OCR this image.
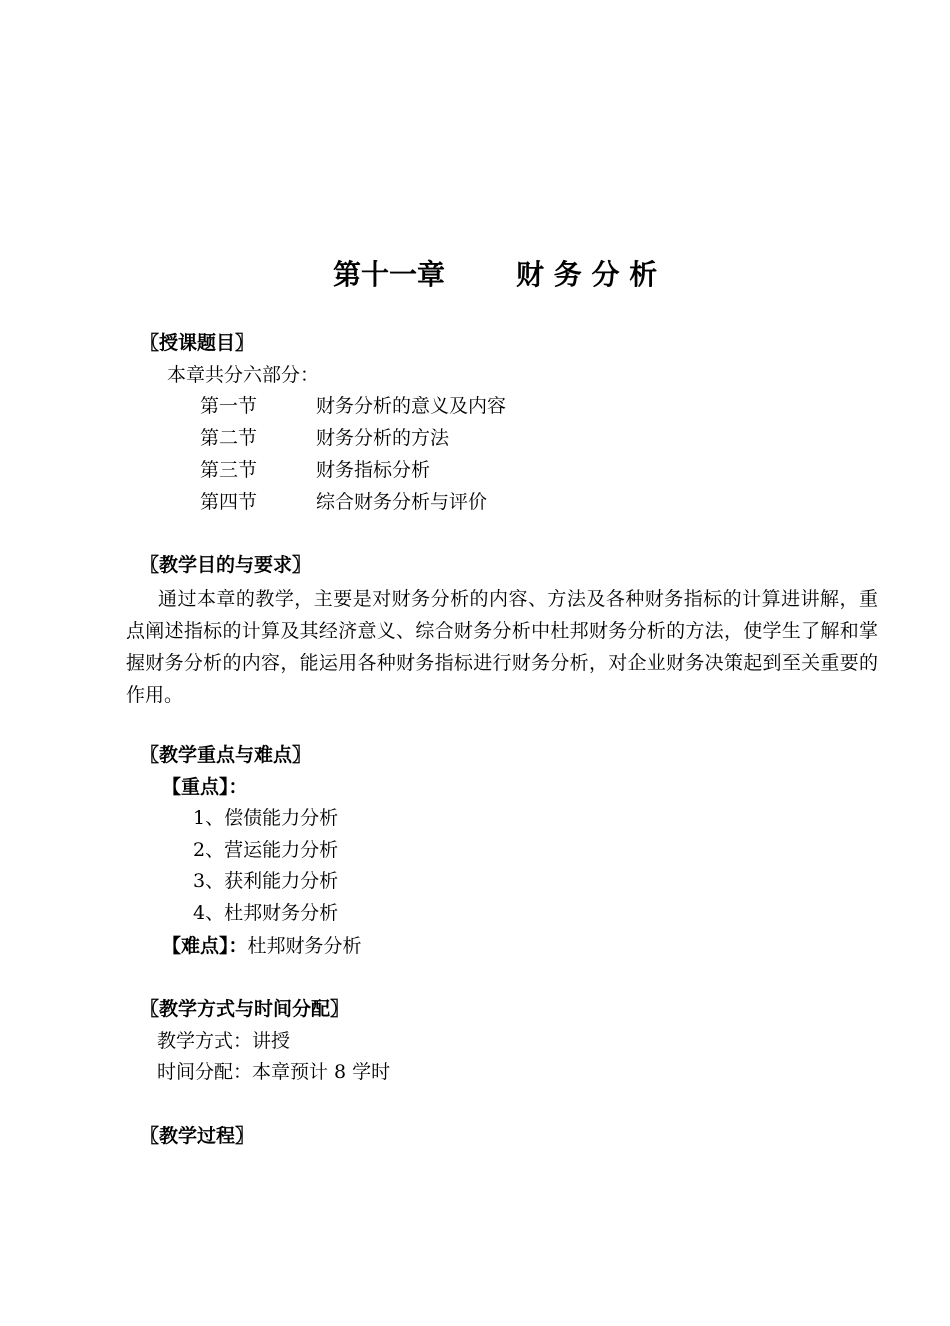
第十一章	财 务 分 析
〖授课题目〗
本章共分六部分：
第一节	财务分析的意义及内容
第二节	财务分析的方法
第三节	财务指标分析
第四节	综合财务分析与评价
〖教学目的与要求〗

通过本章的教学，主要是对财务分析的内容、方法及各种财务指标的计算进讲解，重点阐述指标的计算及其经济意义、综合财务分析中杜邦财务分析的方法，使学生了解和掌握财务分析的内容，能运用各种财务指标进行财务分析，对企业财务决策起到至关重要的作用。

〖教学重点与难点〗
【重点】：
1、偿债能力分析
2、营运能力分析
3、获利能力分析
4、杜邦财务分析
【难点】：杜邦财务分析
〖教学方式与时间分配〗
教学方式：讲授
时间分配：本章预计 8 学时
〖教学过程〗
